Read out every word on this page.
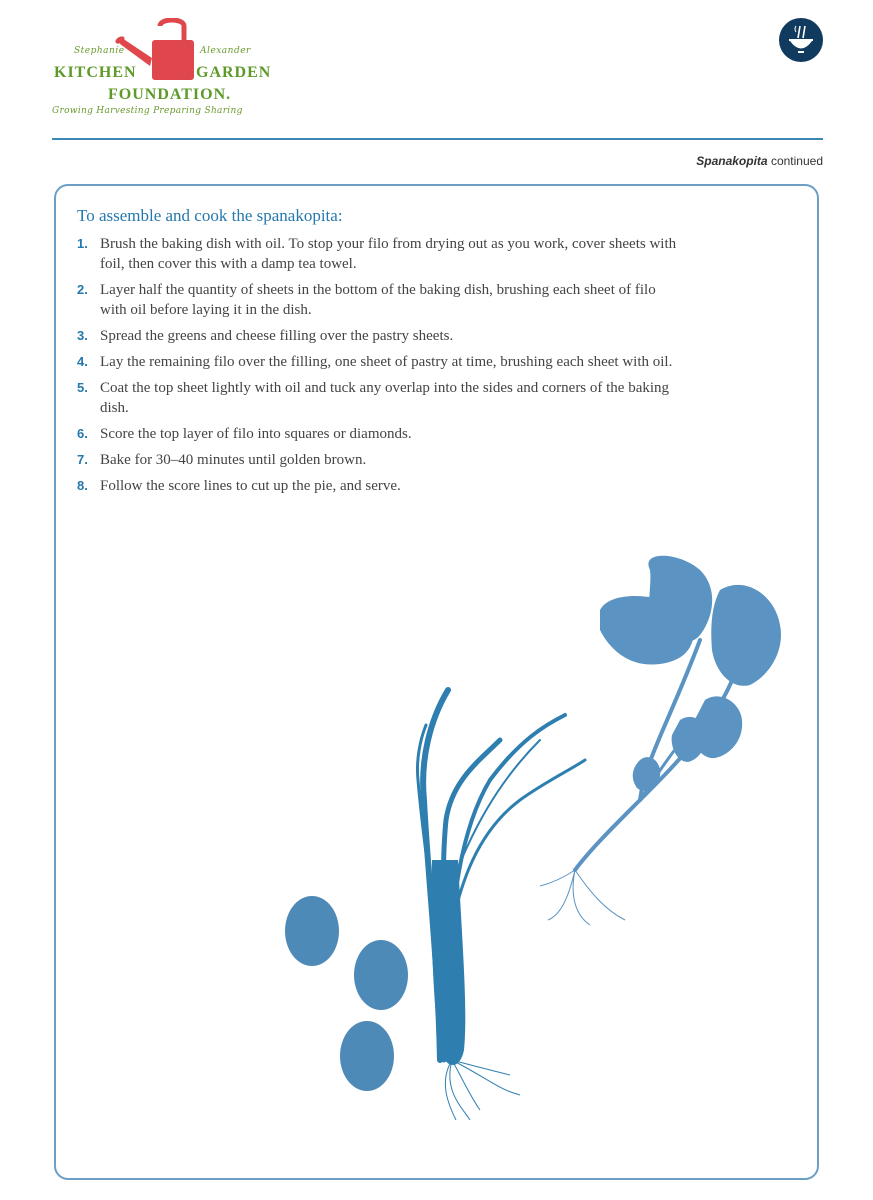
Stephanie	Alexander
KITCHEN	GARDEN
FOUNDATION.
Growing Harvesting Preparing Sharing
Spanakopita continued
To assemble and cook the spanakopita:
1. Brush the baking dish with oil. To stop your filo from drying out as you work, cover sheets with foil, then cover this with a damp tea towel.
2. Layer half the quantity of sheets in the bottom of the baking dish, brushing each sheet of filo with oil before laying it in the dish.
3. Spread the greens and cheese filling over the pastry sheets.
4. Lay the remaining filo over the filling, one sheet of pastry at time, brushing each sheet with oil.
5. Coat the top sheet lightly with oil and tuck any overlap into the sides and corners of the baking dish.
6. Score the top layer of filo into squares or diamonds.
7. Bake for 30–40 minutes until golden brown.
8. Follow the score lines to cut up the pie, and serve.
